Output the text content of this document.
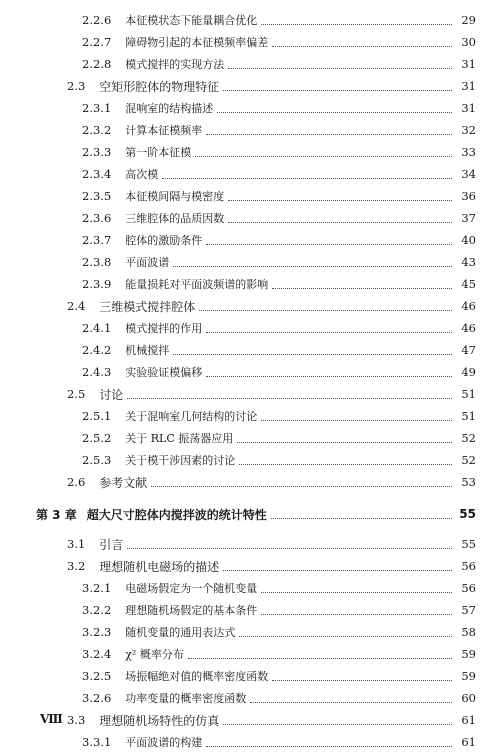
2.2.6 本征模状态下能量耦合优化	29
2.2.7 障碍物引起的本征模频率偏差	30
2.2.8 模式搅拌的实现方法	31
2.3 空矩形腔体的物理特征	31
2.3.1 混响室的结构描述	31
2.3.2 计算本征模频率	32
2.3.3 第一阶本征模	33
2.3.4 高次模	34
2.3.5 本征模间隔与模密度	36
2.3.6 三维腔体的品质因数	37
2.3.7 腔体的激励条件	40
2.3.8 平面波谱	43
2.3.9 能量损耗对平面波频谱的影响	45
2.4 三维模式搅拌腔体	46
2.4.1 模式搅拌的作用	46
2.4.2 机械搅拌	47
2.4.3 实验验证模偏移	49
2.5 讨论	51
2.5.1 关于混响室几何结构的讨论	51
2.5.2 关于 RLC 振荡器应用	52
2.5.3 关于模干涉因素的讨论	52
2.6 参考文献	53
第 3 章 超大尺寸腔体内搅拌波的统计特性	55
3.1 引言	55
3.2 理想随机电磁场的描述	56
3.2.1 电磁场假定为一个随机变量	56
3.2.2 理想随机场假定的基本条件	57
3.2.3 随机变量的通用表达式	58
3.2.4 χ² 概率分布	59
3.2.5 场振幅绝对值的概率密度函数	59
3.2.6 功率变量的概率密度函数	60
3.3 理想随机场特性的仿真	61
3.3.1 平面波谱的构建	61
Ⅷ
